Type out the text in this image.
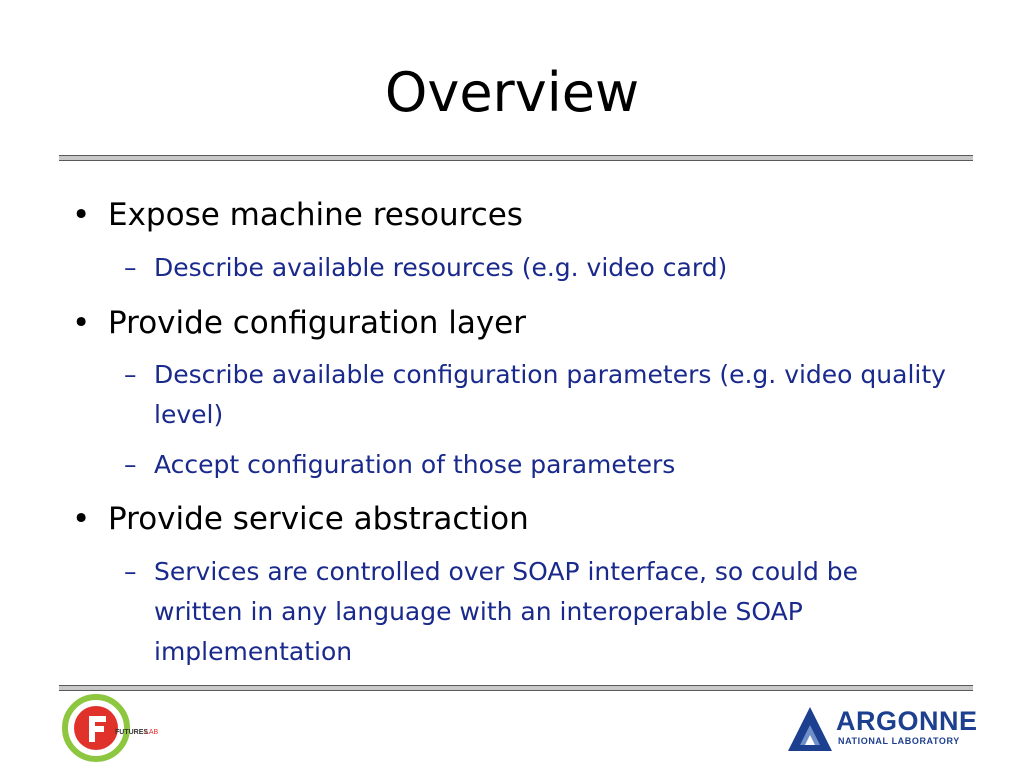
Overview
• Expose machine resources
– Describe available resources (e.g. video card)
• Provide configuration layer
– Describe available configuration parameters (e.g. video quality level)
– Accept configuration of those parameters
• Provide service abstraction
– Services are controlled over SOAP interface, so could be written in any language with an interoperable SOAP implementation
FUTURES
LAB	ARGONNE
NATIONAL LABORATORY
